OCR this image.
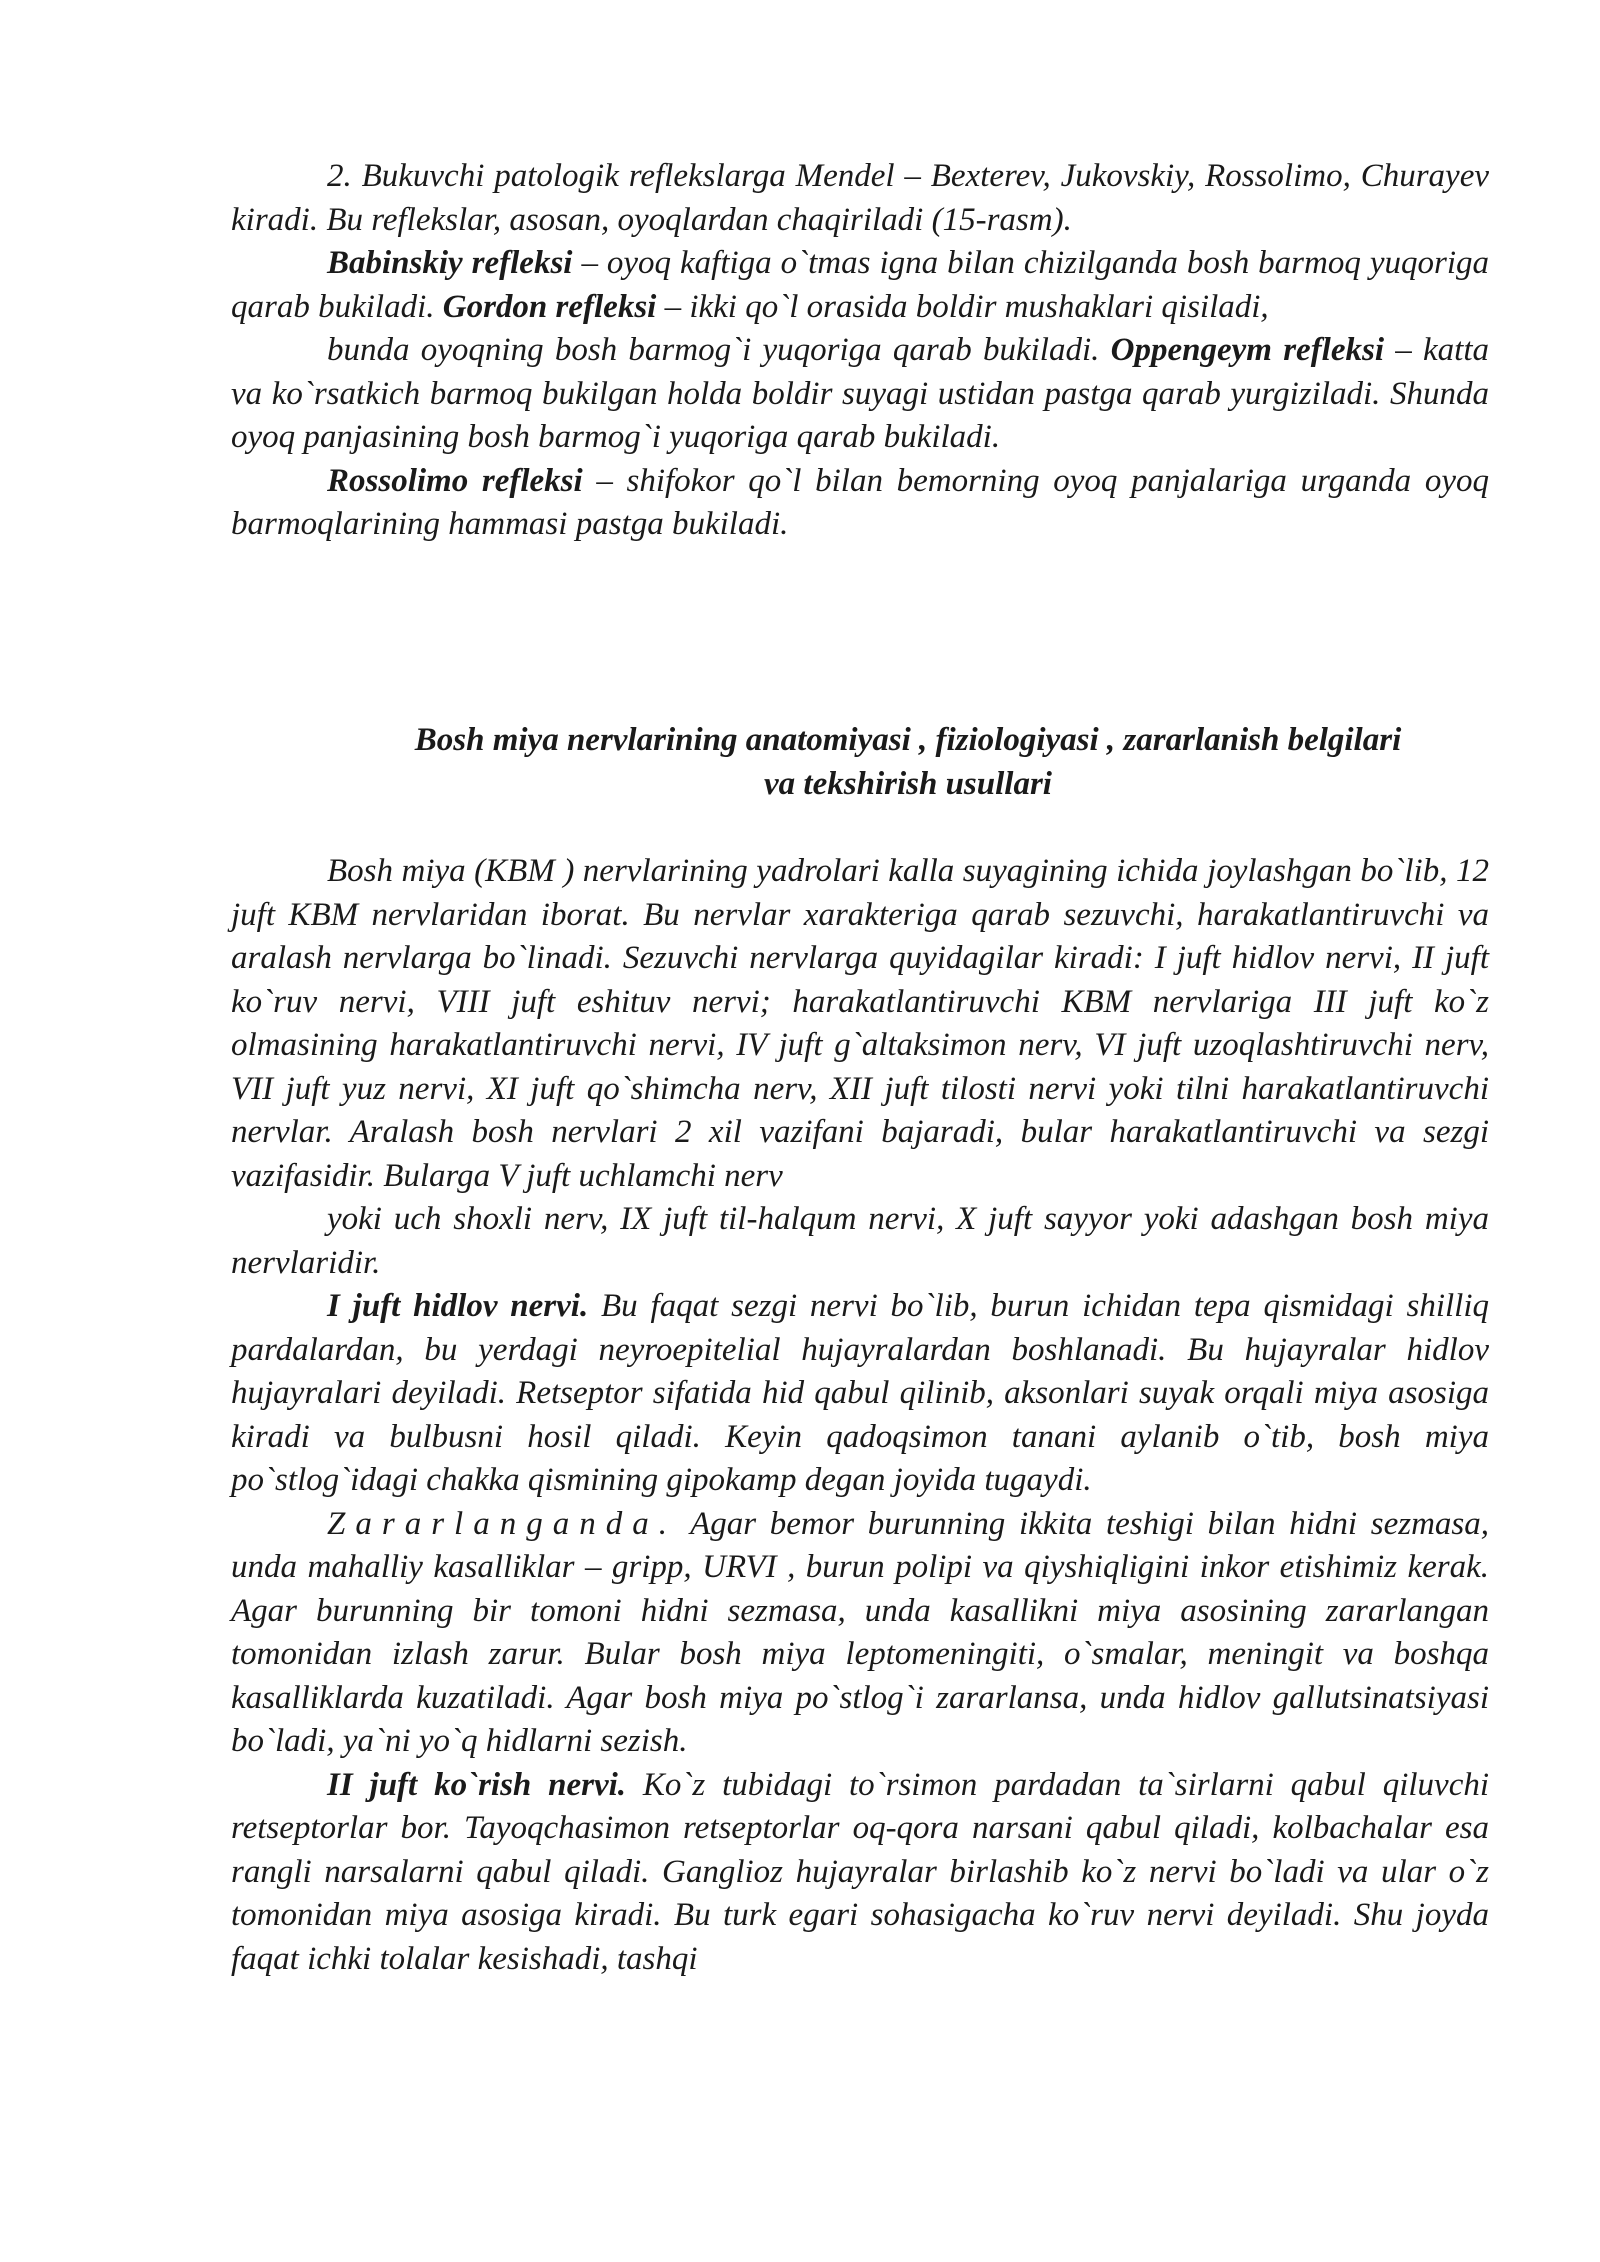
2. Bukuvchi patologik reflekslarga Mendel – Bexterev, Jukovskiy, Rossolimo, Churayev kiradi. Bu reflekslar, asosan, oyoqlardan chaqiriladi (15-rasm).

Babinskiy refleksi – oyoq kaftiga o`tmas igna bilan chizilganda bosh barmoq yuqoriga qarab bukiladi. Gordon refleksi – ikki qo`l orasida boldir mushaklari qisiladi,

bunda oyoqning bosh barmog`i yuqoriga qarab bukiladi. Oppengeym refleksi – katta va ko`rsatkich barmoq bukilgan holda boldir suyagi ustidan pastga qarab yurgiziladi. Shunda oyoq panjasining bosh barmog`i yuqoriga qarab bukiladi.

Rossolimo refleksi – shifokor qo`l bilan bemorning oyoq panjalariga urganda oyoq barmoqlarining hammasi pastga bukiladi.

Bosh miya nervlarining anatomiyasi , fiziologiyasi , zararlanish belgilari
va tekshirish usullari

Bosh miya (KBM ) nervlarining yadrolari kalla suyagining ichida joylashgan bo`lib, 12 juft KBM nervlaridan iborat. Bu nervlar xarakteriga qarab sezuvchi, harakatlantiruvchi va aralash nervlarga bo`linadi. Sezuvchi nervlarga quyidagilar kiradi: I juft hidlov nervi, II juft ko`ruv nervi, VIII juft eshituv nervi; harakatlantiruvchi KBM nervlariga III juft ko`z olmasining harakatlantiruvchi nervi, IV juft g`altaksimon nerv, VI juft uzoqlashtiruvchi nerv, VII juft yuz nervi, XI juft qo`shimcha nerv, XII juft tilosti nervi yoki tilni harakatlantiruvchi nervlar. Aralash bosh nervlari 2 xil vazifani bajaradi, bular harakatlantiruvchi va sezgi vazifasidir. Bularga V juft uchlamchi nerv

yoki uch shoxli nerv, IX juft til-halqum nervi, X juft sayyor yoki adashgan bosh miya nervlaridir.

I juft hidlov nervi. Bu faqat sezgi nervi bo`lib, burun ichidan tepa qismidagi shilliq pardalardan, bu yerdagi neyroepitelial hujayralardan boshlanadi. Bu hujayralar hidlov hujayralari deyiladi. Retseptor sifatida hid qabul qilinib, aksonlari suyak orqali miya asosiga kiradi va bulbusni hosil qiladi. Keyin qadoqsimon tanani aylanib o`tib, bosh miya po`stlog`idagi chakka qismining gipokamp degan joyida tugaydi.

Zararlanganda. Agar bemor burunning ikkita teshigi bilan hidni sezmasa, unda mahalliy kasalliklar – gripp, URVI , burun polipi va qiyshiqligini inkor etishimiz kerak. Agar burunning bir tomoni hidni sezmasa, unda kasallikni miya asosining zararlangan tomonidan izlash zarur. Bular bosh miya leptomeningiti, o`smalar, meningit va boshqa kasalliklarda kuzatiladi. Agar bosh miya po`stlog`i zararlansa, unda hidlov gallutsinatsiyasi bo`ladi, ya`ni yo`q hidlarni sezish.

II juft ko`rish nervi. Ko`z tubidagi to`rsimon pardadan ta`sirlarni qabul qiluvchi retseptorlar bor. Tayoqchasimon retseptorlar oq-qora narsani qabul qiladi, kolbachalar esa rangli narsalarni qabul qiladi. Ganglioz hujayralar birlashib ko`z nervi bo`ladi va ular o`z tomonidan miya asosiga kiradi. Bu turk egari sohasigacha ko`ruv nervi deyiladi. Shu joyda faqat ichki tolalar kesishadi, tashqi
